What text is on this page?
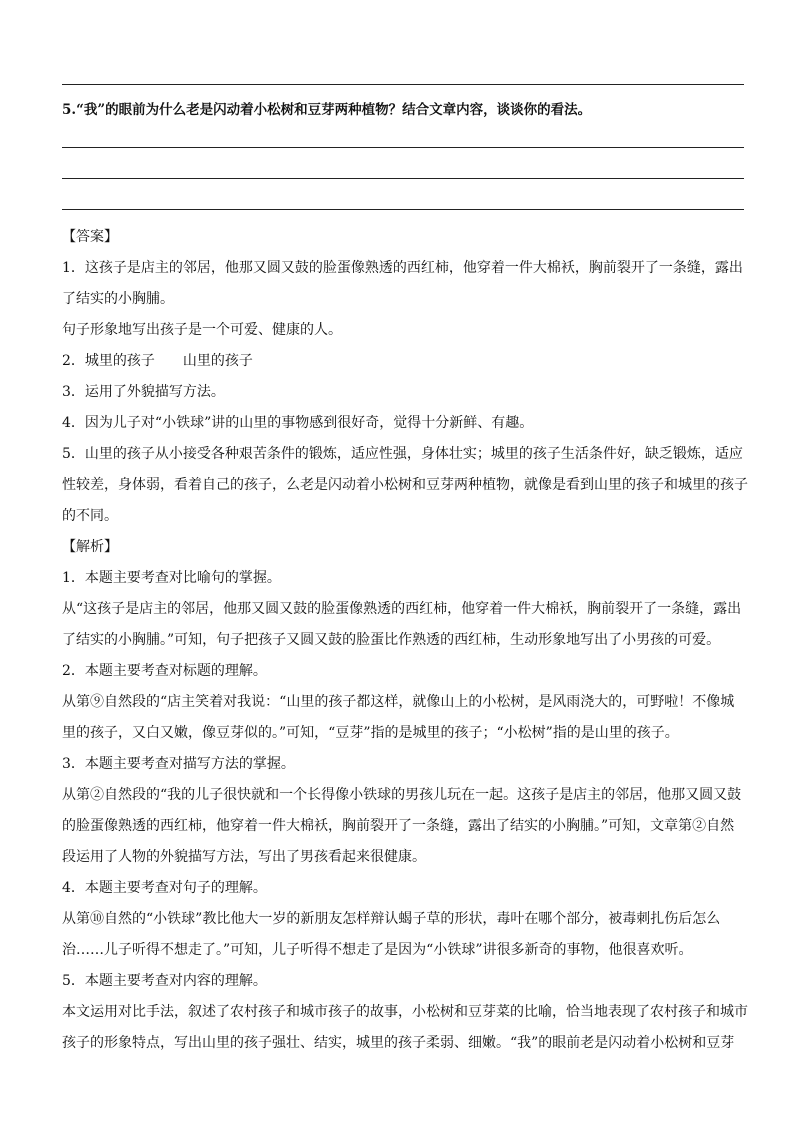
5.“我”的眼前为什么老是闪动着小松树和豆芽两种植物？结合文章内容，谈谈你的看法。
【答案】
1．这孩子是店主的邻居，他那又圆又鼓的脸蛋像熟透的西红柿，他穿着一件大棉袄，胸前裂开了一条缝，露出
了结实的小胸脯。
句子形象地写出孩子是一个可爱、健康的人。
2．城里的孩子　　山里的孩子
3．运用了外貌描写方法。
4．因为儿子对“小铁球”讲的山里的事物感到很好奇，觉得十分新鲜、有趣。
5．山里的孩子从小接受各种艰苦条件的锻炼，适应性强，身体壮实；城里的孩子生活条件好，缺乏锻炼，适应
性较差，身体弱，看着自己的孩子，么老是闪动着小松树和豆芽两种植物，就像是看到山里的孩子和城里的孩子
的不同。
【解析】
1．本题主要考查对比喻句的掌握。
从“这孩子是店主的邻居，他那又圆又鼓的脸蛋像熟透的西红柿，他穿着一件大棉袄，胸前裂开了一条缝，露出
了结实的小胸脯。”可知，句子把孩子又圆又鼓的脸蛋比作熟透的西红柿，生动形象地写出了小男孩的可爱。
2．本题主要考查对标题的理解。
从第⑨自然段的“店主笑着对我说：“山里的孩子都这样，就像山上的小松树，是风雨浇大的，可野啦！不像城
里的孩子，又白又嫩，像豆芽似的。”可知，“豆芽”指的是城里的孩子；“小松树”指的是山里的孩子。
3．本题主要考查对描写方法的掌握。
从第②自然段的“我的儿子很快就和一个长得像小铁球的男孩儿玩在一起。这孩子是店主的邻居，他那又圆又鼓
的脸蛋像熟透的西红柿，他穿着一件大棉袄，胸前裂开了一条缝，露出了结实的小胸脯。”可知，文章第②自然
段运用了人物的外貌描写方法，写出了男孩看起来很健康。
4．本题主要考查对句子的理解。
从第⑩自然的“小铁球”教比他大一岁的新朋友怎样辩认蝎子草的形状，毒叶在哪个部分，被毒刺扎伤后怎么
治……儿子听得不想走了。”可知，儿子听得不想走了是因为“小铁球”讲很多新奇的事物，他很喜欢听。
5．本题主要考查对内容的理解。
本文运用对比手法，叙述了农村孩子和城市孩子的故事，小松树和豆芽菜的比喻，恰当地表现了农村孩子和城市
孩子的形象特点，写出山里的孩子强壮、结实，城里的孩子柔弱、细嫩。“我”的眼前老是闪动着小松树和豆芽
